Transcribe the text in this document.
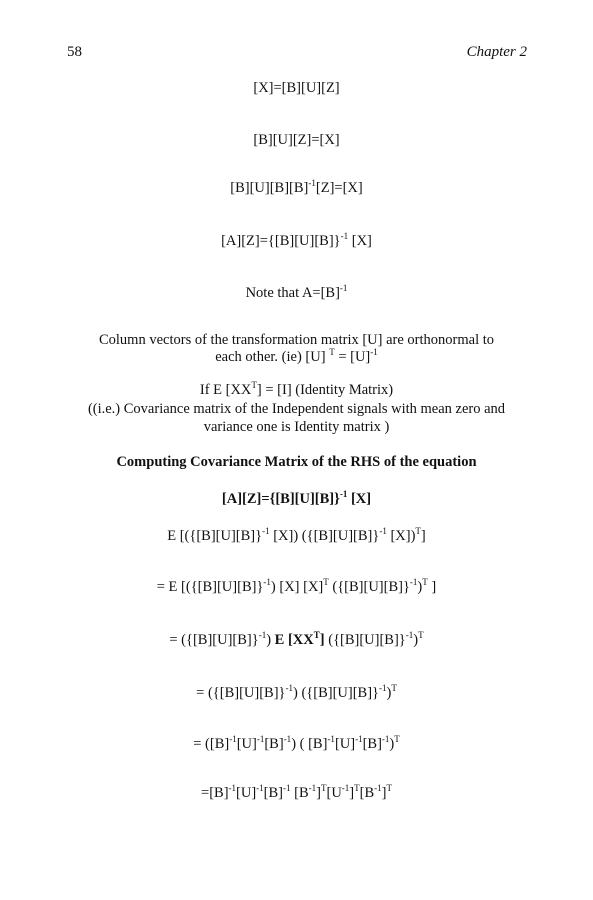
58	Chapter 2
[X]=[B][U][Z]
[B][U][Z]=[X]
$[B][U][B][B]^{-1}[Z]=[X]$
$[A][Z]=\{[B][U][B]\}^{-1}$ [X]
Note that $A=[B]^{-1}$
Column vectors of the transformation matrix [U] are orthonormal to
each other. (ie) [U] $^T = [U]^{-1}$
If E $[XX^T] = [I]$ (Identity Matrix)
((i.e.) Covariance matrix of the Independent signals with mean zero and
variance one is Identity matrix )
Computing Covariance Matrix of the RHS of the equation
$[A][Z]=\{[B][U][B]\}^{-1}$ [X]
E [($\{[B][U][B]\}^{-1}$ [X]) ($\{[B][U][B]\}^{-1}$ [X])$^T$]
= E [$(\{[B][U][B]\}^{-1})$ [X] $[X]^T$ $(\{[B][U][B]\}^{-1})^T$ ]
= $(\{[B][U][B]\}^{-1})$ E $[XX^T]$ $(\{[B][U][B]\}^{-1})^T$
= $(\{[B][U][B]\}^{-1})$ $(\{[B][U][B]\}^{-1})^T$
= $([B]^{-1}[U]^{-1}[B]^{-1})$ ( $[B]^{-1}[U]^{-1}[B]^{-1})^T$
$=[B]^{-1}[U]^{-1}[B]^{-1}$ $[B^{-1}]^T[U^{-1}]^T[B^{-1}]^T$
